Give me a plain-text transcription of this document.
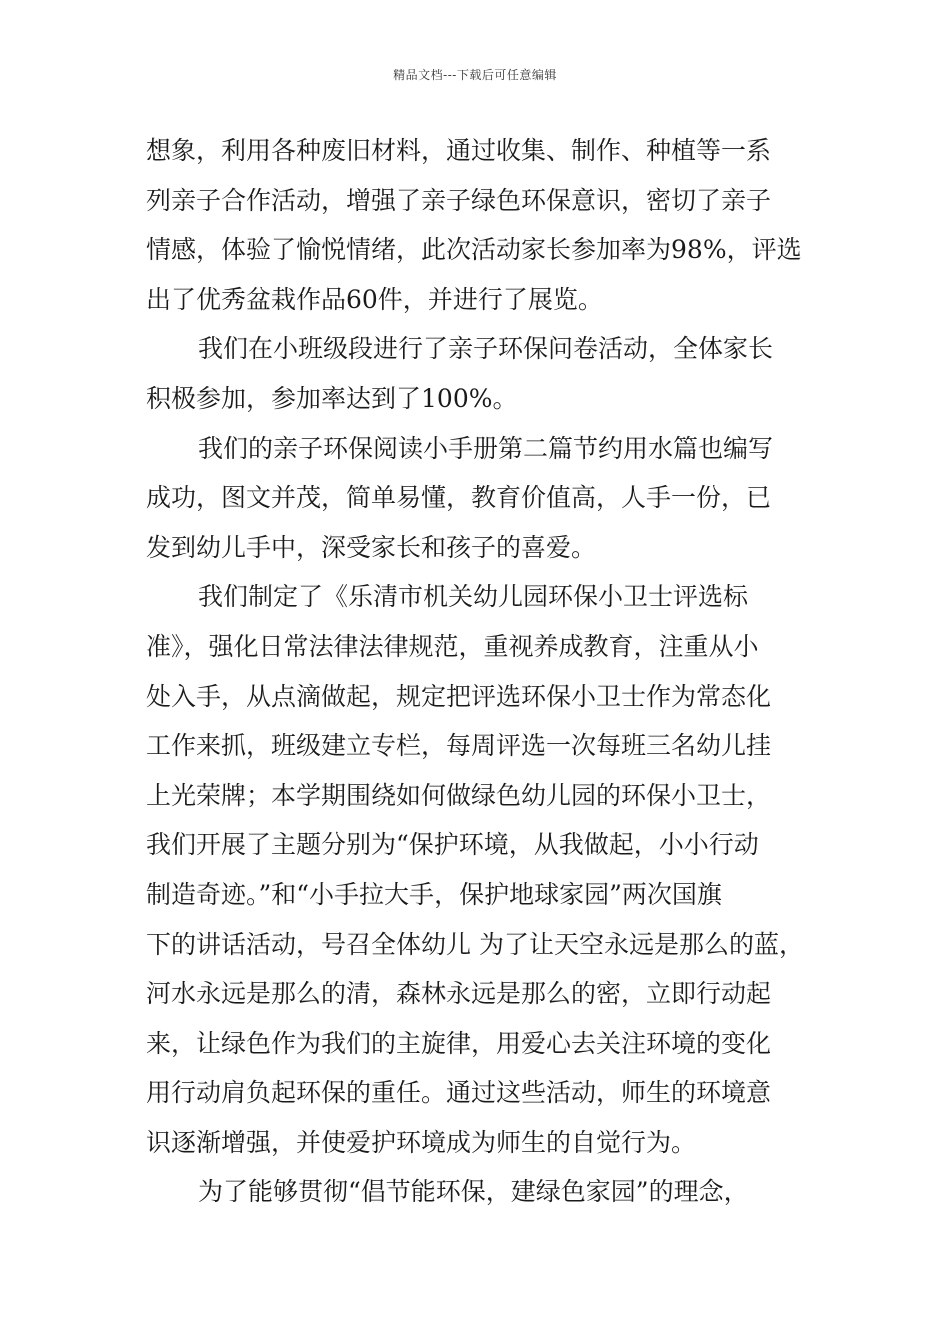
精品文档---下载后可任意编辑
想象，利用各种废旧材料，通过收集、制作、种植等一系
列亲子合作活动，增强了亲子绿色环保意识，密切了亲子
情感，体验了愉悦情绪，此次活动家长参加率为98%，评选
出了优秀盆栽作品60件，并进行了展览。
我们在小班级段进行了亲子环保问卷活动，全体家长
积极参加，参加率达到了100%。
我们的亲子环保阅读小手册第二篇节约用水篇也编写
成功，图文并茂，简单易懂，教育价值高，人手一份，已
发到幼儿手中，深受家长和孩子的喜爱。
我们制定了《乐清市机关幼儿园环保小卫士评选标
准》，强化日常法律法律规范，重视养成教育，注重从小
处入手，从点滴做起，规定把评选环保小卫士作为常态化
工作来抓，班级建立专栏，每周评选一次每班三名幼儿挂
上光荣牌；本学期围绕如何做绿色幼儿园的环保小卫士，
我们开展了主题分别为“保护环境，从我做起，小小行动
制造奇迹。”和“小手拉大手，保护地球家园”两次国旗
下的讲话活动，号召全体幼儿 为了让天空永远是那么的蓝，
河水永远是那么的清，森林永远是那么的密，立即行动起
来，让绿色作为我们的主旋律，用爱心去关注环境的变化
用行动肩负起环保的重任。通过这些活动，师生的环境意
识逐渐增强，并使爱护环境成为师生的自觉行为。
为了能够贯彻“倡节能环保，建绿色家园”的理念，
